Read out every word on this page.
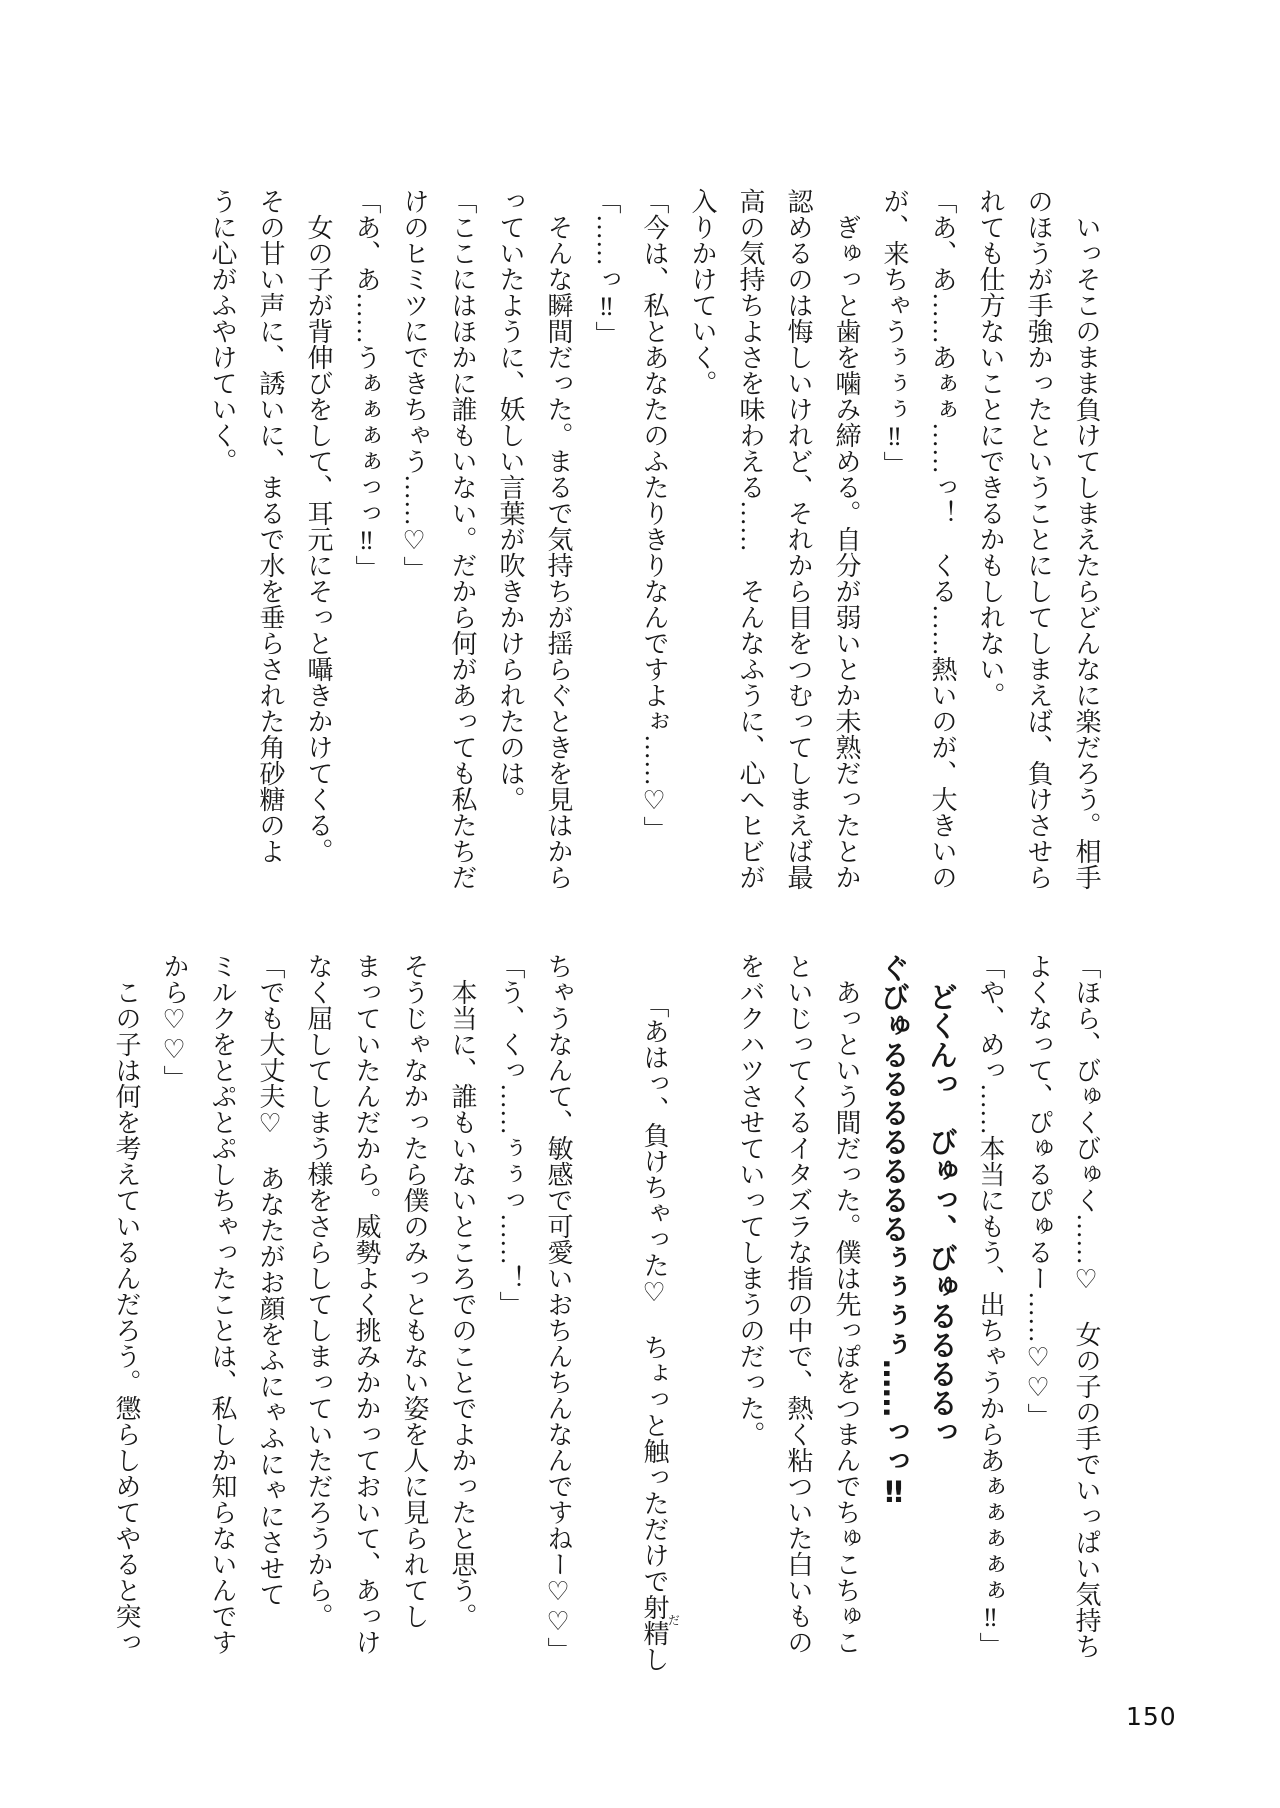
　いっそこのまま負けてしまえたらどんなに楽だろう。相手

のほうが手強かったということにしてしまえば、負けさせら

れても仕方ないことにできるかもしれない。

「あ、あ……あぁぁ……っ！　くる……熱いのが、大きいの

が、来ちゃうぅぅぅ‼」

　ぎゅっと歯を噛み締める。自分が弱いとか未熟だったとか

認めるのは悔しいけれど、それから目をつむってしまえば最

高の気持ちよさを味わえる……　そんなふうに、心へヒビが

入りかけていく。

「今は、私とあなたのふたりきりなんですよぉ……♡」

「……っ‼」

　そんな瞬間だった。まるで気持ちが揺らぐときを見はから

っていたように、妖しい言葉が吹きかけられたのは。

「ここにはほかに誰もいない。だから何があっても私たちだ

けのヒミツにできちゃう……♡」

「あ、あ……うぁぁぁぁっっ‼」

　女の子が背伸びをして、耳元にそっと囁きかけてくる。

その甘い声に、誘いに、まるで水を垂らされた角砂糖のよ

うに心がふやけていく。

「ほら、びゅくびゅく……♡　女の子の手でいっぱい気持ち

よくなって、ぴゅるぴゅるー……♡♡」

「や、めっ……本当にもう、出ちゃうからあぁぁぁぁぁ‼」

　どくんっ　びゅっ、びゅるるるるっ

ぐびゅるるるるるるるぅぅぅぅ……っっ‼

　あっという間だった。僕は先っぽをつまんでちゅこちゅこ

といじってくるイタズラな指の中で、熱く粘ついた白いもの

をバクハツさせていってしまうのだった。

「あはっ、負けちゃった♡　ちょっと触っただけで射精だし

ちゃうなんて、敏感で可愛いおちんちんなんですねー♡♡」

「う、くっ……ぅぅっ……！」

　本当に、誰もいないところでのことでよかったと思う。

そうじゃなかったら僕のみっともない姿を人に見られてし

まっていたんだから。威勢よく挑みかかっておいて、あっけ

なく屈してしまう様をさらしてしまっていただろうから。

「でも大丈夫♡　あなたがお顔をふにゃふにゃにさせて

ミルクをとぷとぷしちゃったことは、私しか知らないんです

から♡♡」

　この子は何を考えているんだろう。懲らしめてやると突っ

150
